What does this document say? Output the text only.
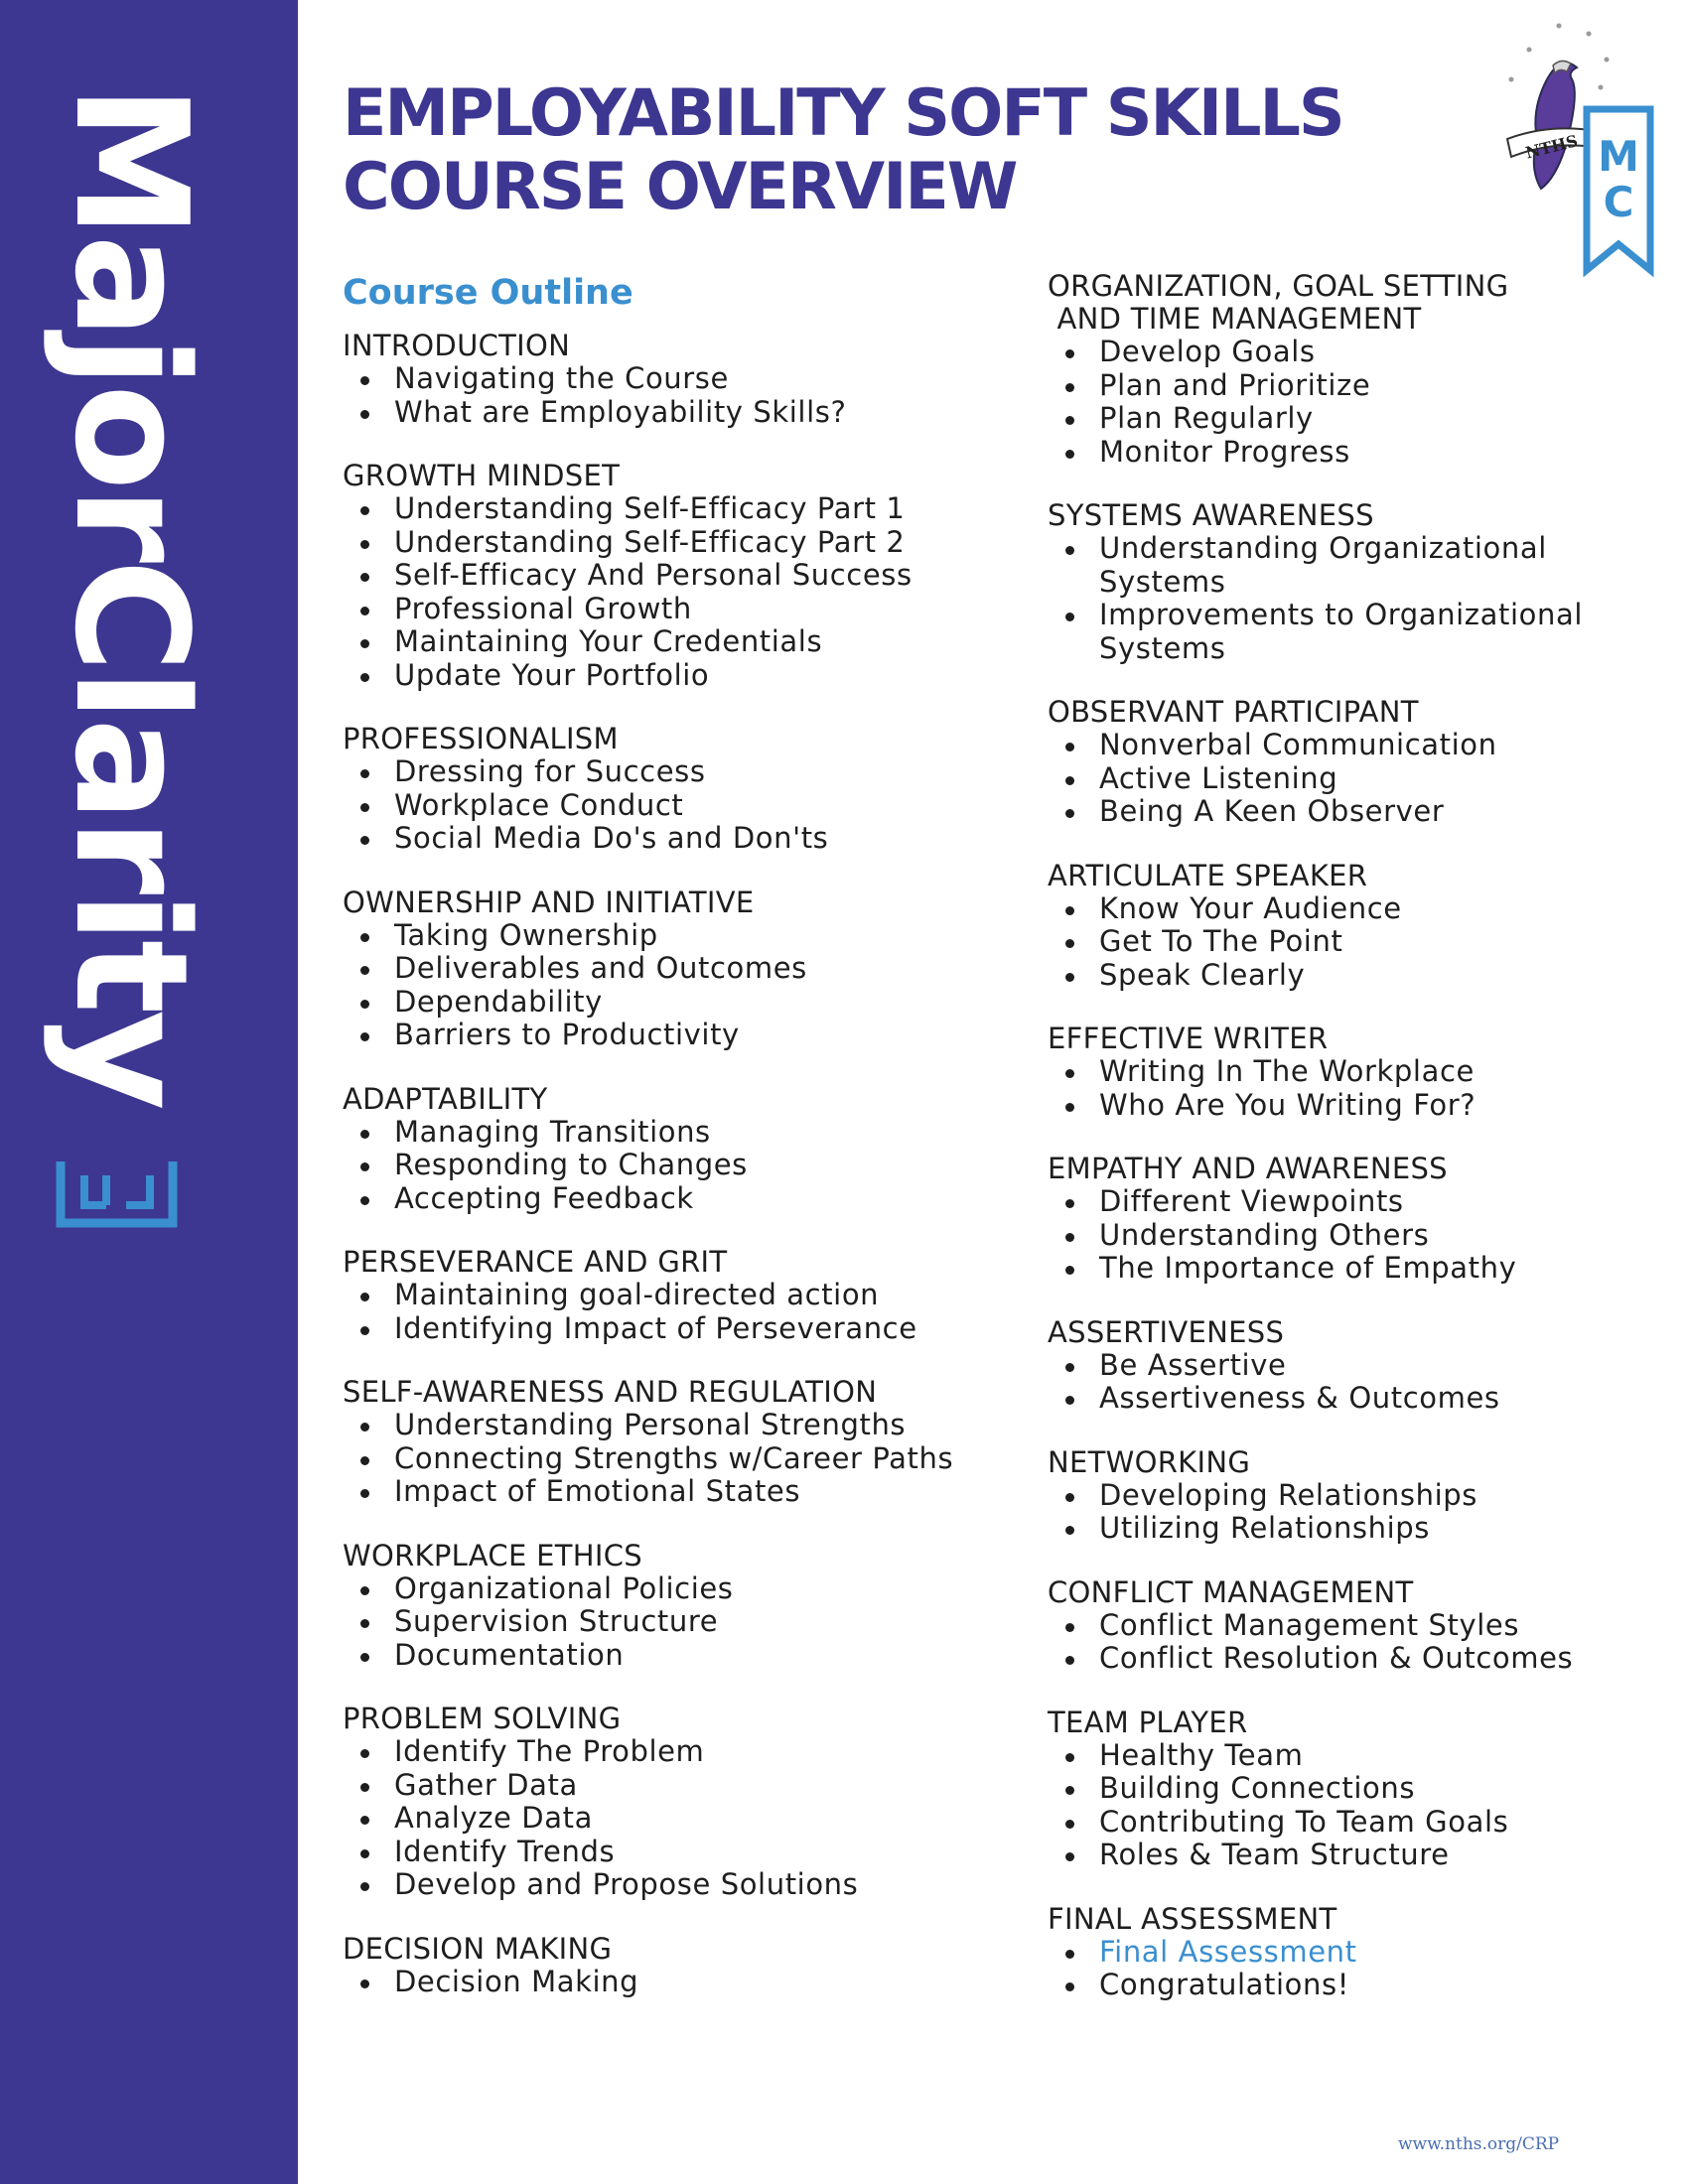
MajorClarity EMPLOYABILITY SOFT SKILLS
COURSE OVERVIEW
NTHS M
C
Course Outline
INTRODUCTION
Navigating the Course
What are Employability Skills?
GROWTH MINDSET
Understanding Self-Efficacy Part 1
Understanding Self-Efficacy Part 2
Self-Efficacy And Personal Success
Professional Growth
Maintaining Your Credentials
Update Your Portfolio
PROFESSIONALISM
Dressing for Success
Workplace Conduct
Social Media Do's and Don'ts
OWNERSHIP AND INITIATIVE
Taking Ownership
Deliverables and Outcomes
Dependability
Barriers to Productivity
ADAPTABILITY
Managing Transitions
Responding to Changes
Accepting Feedback
PERSEVERANCE AND GRIT
Maintaining goal-directed action
Identifying Impact of Perseverance
SELF-AWARENESS AND REGULATION
Understanding Personal Strengths
Connecting Strengths w/Career Paths
Impact of Emotional States
WORKPLACE ETHICS
Organizational Policies
Supervision Structure
Documentation
PROBLEM SOLVING
Identify The Problem
Gather Data
Analyze Data
Identify Trends
Develop and Propose Solutions
DECISION MAKING
Decision Making
ORGANIZATION, GOAL SETTING
AND TIME MANAGEMENT
Develop Goals
Plan and Prioritize
Plan Regularly
Monitor Progress
SYSTEMS AWARENESS
Understanding Organizational Systems
Improvements to Organizational Systems
OBSERVANT PARTICIPANT
Nonverbal Communication
Active Listening
Being A Keen Observer
ARTICULATE SPEAKER
Know Your Audience
Get To The Point
Speak Clearly
EFFECTIVE WRITER
Writing In The Workplace
Who Are You Writing For?
EMPATHY AND AWARENESS
Different Viewpoints
Understanding Others
The Importance of Empathy
ASSERTIVENESS
Be Assertive
Assertiveness & Outcomes
NETWORKING
Developing Relationships
Utilizing Relationships
CONFLICT MANAGEMENT
Conflict Management Styles
Conflict Resolution & Outcomes
TEAM PLAYER
Healthy Team
Building Connections
Contributing To Team Goals
Roles & Team Structure
FINAL ASSESSMENT
Final Assessment
Congratulations!
www.nths.org/CRP
